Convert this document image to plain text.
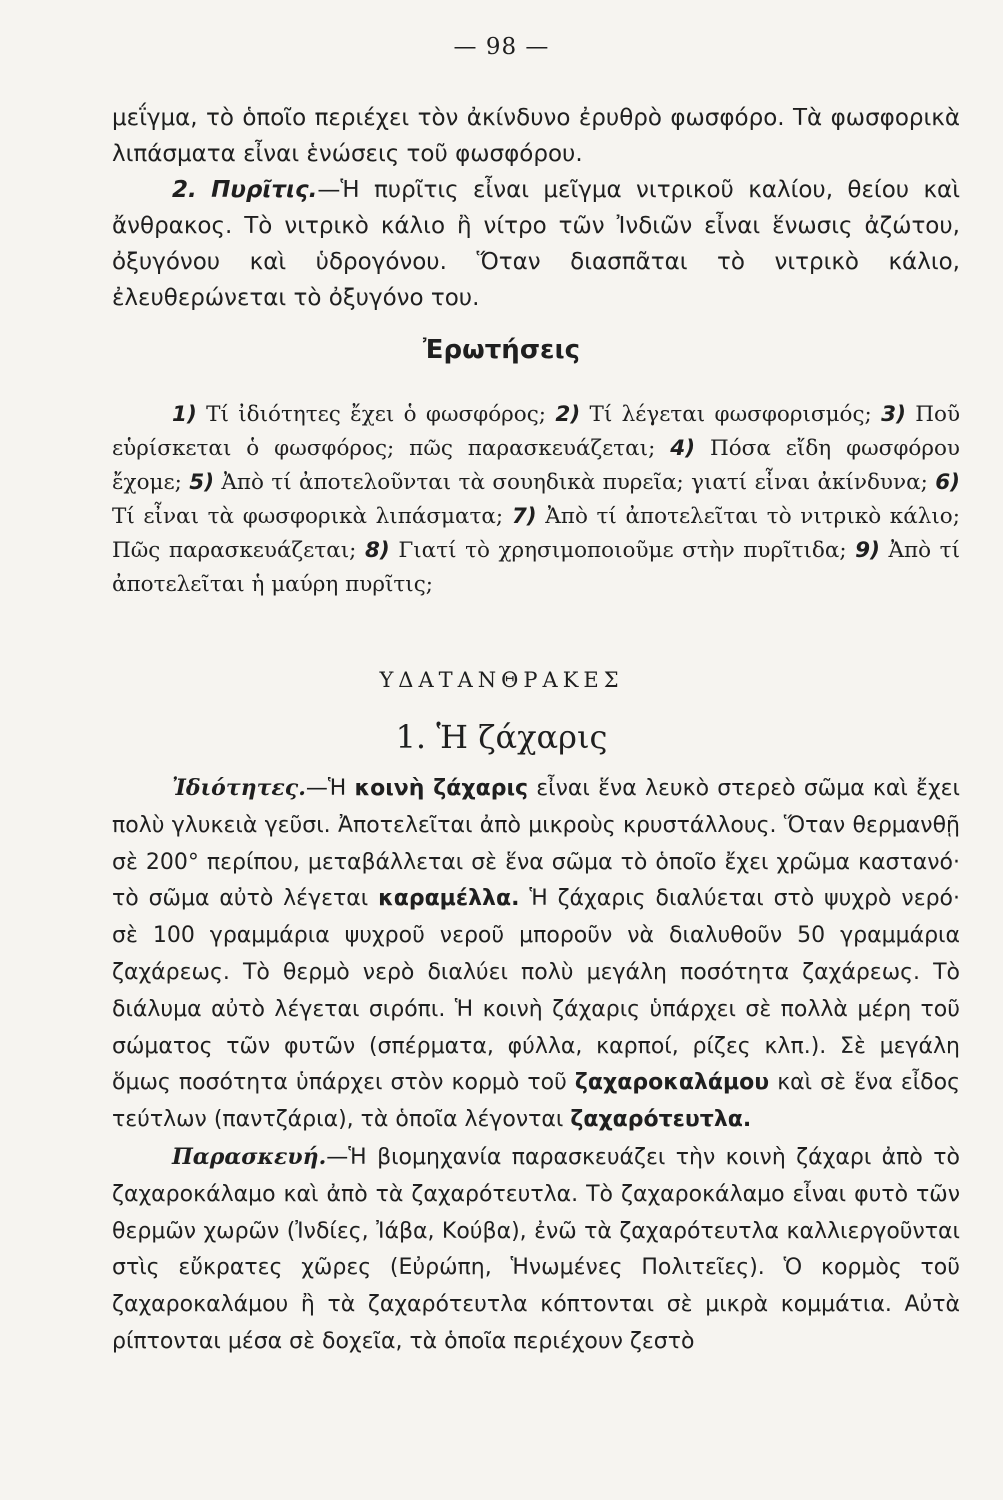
— 98 —

μεΐγμα, τὸ ὁποῖο περιέχει τὸν ἀκίνδυνο ἐρυθρὸ φωσφόρο. Τὰ φωσφορικὰ λιπάσματα εἶναι ἑνώσεις τοῦ φωσφόρου.

2. Πυρῖτις.—Ἡ πυρῖτις εἶναι μεῖγμα νιτρικοῦ καλίου, θείου καὶ ἄνθρακος. Τὸ νιτρικὸ κάλιο ἢ νίτρο τῶν Ἰνδιῶν εἶναι ἕνωσις ἀζώτου, ὀξυγόνου καὶ ὑδρογόνου. Ὅταν διασπᾶται τὸ νιτρικὸ κάλιο, ἐλευθερώνεται τὸ ὀξυγόνο του.

Ἐρωτήσεις

1) Τί ἰδιότητες ἔχει ὁ φωσφόρος; 2) Τί λέγεται φωσφορισμός; 3) Ποῦ εὑρίσκεται ὁ φωσφόρος; πῶς παρασκευάζεται; 4) Πόσα εἴδη φωσφόρου ἔχομε; 5) Ἀπὸ τί ἀποτελοῦνται τὰ σουηδικὰ πυρεῖα; γιατί εἶναι ἀκίνδυνα; 6) Τί εἶναι τὰ φωσφορικὰ λιπάσματα; 7) Ἀπὸ τί ἀποτελεῖται τὸ νιτρικὸ κάλιο; Πῶς παρασκευάζεται; 8) Γιατί τὸ χρησιμοποιοῦμε στὴν πυρῖτιδα; 9) Ἀπὸ τί ἀποτελεῖται ἡ μαύρη πυρῖτις;

ΥΔΑΤΑΝΘΡΑΚΕΣ
1. Ἡ ζάχαρις

Ἰδιότητες.—Ἡ κοινὴ ζάχαρις εἶναι ἕνα λευκὸ στερεὸ σῶμα καὶ ἔχει πολὺ γλυκειὰ γεῦσι. Ἀποτελεῖται ἀπὸ μικροὺς κρυστάλλους. Ὅταν θερμανθῇ σὲ 200° περίπου, μεταβάλλεται σὲ ἕνα σῶμα τὸ ὁποῖο ἔχει χρῶμα καστανό· τὸ σῶμα αὐτὸ λέγεται καραμέλλα. Ἡ ζάχαρις διαλύεται στὸ ψυχρὸ νερό· σὲ 100 γραμμάρια ψυχροῦ νεροῦ μποροῦν νὰ διαλυθοῦν 50 γραμμάρια ζαχάρεως. Τὸ θερμὸ νερὸ διαλύει πολὺ μεγάλη ποσότητα ζαχάρεως. Τὸ διάλυμα αὐτὸ λέγεται σιρόπι. Ἡ κοινὴ ζάχαρις ὑπάρχει σὲ πολλὰ μέρη τοῦ σώματος τῶν φυτῶν (σπέρματα, φύλλα, καρποί, ρίζες κλπ.). Σὲ μεγάλη ὅμως ποσότητα ὑπάρχει στὸν κορμὸ τοῦ ζαχαροκαλάμου καὶ σὲ ἕνα εἶδος τεύτλων (παντζάρια), τὰ ὁποῖα λέγονται ζαχαρότευτλα.

Παρασκευή.—Ἡ βιομηχανία παρασκευάζει τὴν κοινὴ ζάχαρι ἀπὸ τὸ ζαχαροκάλαμο καὶ ἀπὸ τὰ ζαχαρότευτλα. Τὸ ζαχαροκάλαμο εἶναι φυτὸ τῶν θερμῶν χωρῶν (Ἰνδίες, Ἰάβα, Κούβα), ἐνῶ τὰ ζαχαρότευτλα καλλιεργοῦνται στὶς εὔκρατες χῶρες (Εὐρώπη, Ἡνωμένες Πολιτεῖες). Ὁ κορμὸς τοῦ ζαχαροκαλάμου ἢ τὰ ζαχαρότευτλα κόπτονται σὲ μικρὰ κομμάτια. Αὐτὰ ρίπτονται μέσα σὲ δοχεῖα, τὰ ὁποῖα περιέχουν ζεστὸ
